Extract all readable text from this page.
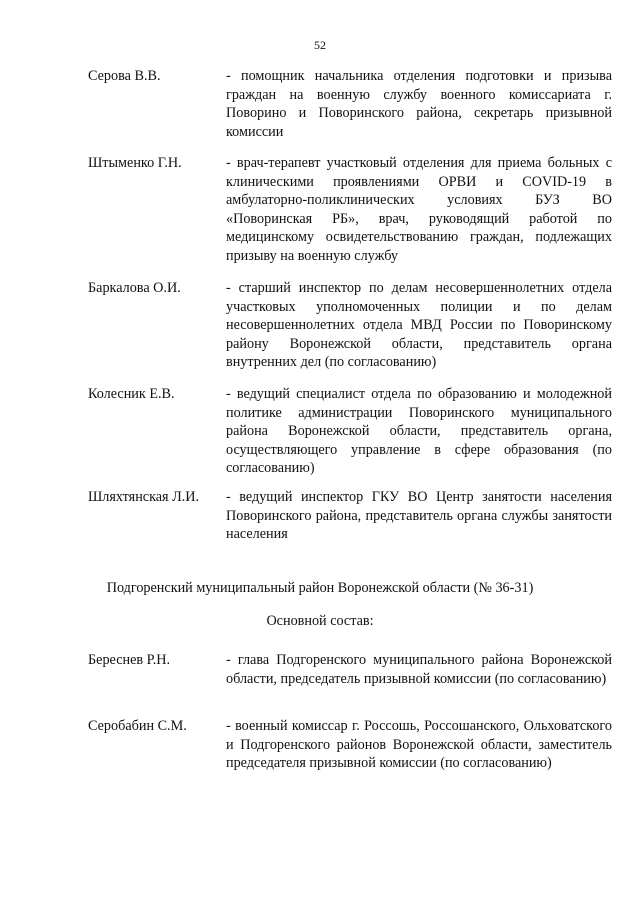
52
Серова В.В.	- помощник начальника отделения подготовки и призыва граждан на военную службу военного комиссариата г. Поворино и Поворинского района, секретарь призывной комиссии
Штыменко Г.Н.	- врач-терапевт участковый отделения для приема больных с клиническими проявлениями ОРВИ и COVID-19 в амбулаторно-поликлинических условиях БУЗ ВО «Поворинская РБ», врач, руководящий работой по медицинскому освидетельствованию граждан, подлежащих призыву на военную службу
Баркалова О.И.	- старший инспектор по делам несовершеннолетних отдела участковых уполномоченных полиции и по делам несовершеннолетних отдела МВД России по Поворинскому району Воронежской области, представитель органа внутренних дел (по согласованию)
Колесник Е.В.	- ведущий специалист отдела по образованию и молодежной политике администрации Поворинского муниципального района Воронежской области, представитель органа, осуществляющего управление в сфере образования (по согласованию)
Шляхтянская Л.И.	- ведущий инспектор ГКУ ВО Центр занятости населения Поворинского района, представитель органа службы занятости населения
Подгоренский муниципальный район Воронежской области (№ 36-31)
Основной состав:
Береснев Р.Н.	- глава Подгоренского муниципального района Воронежской области, председатель призывной комиссии (по согласованию)
Серобабин С.М.	- военный комиссар г. Россошь, Россошанского, Ольховатского и Подгоренского районов Воронежской области, заместитель председателя призывной комиссии (по согласованию)
